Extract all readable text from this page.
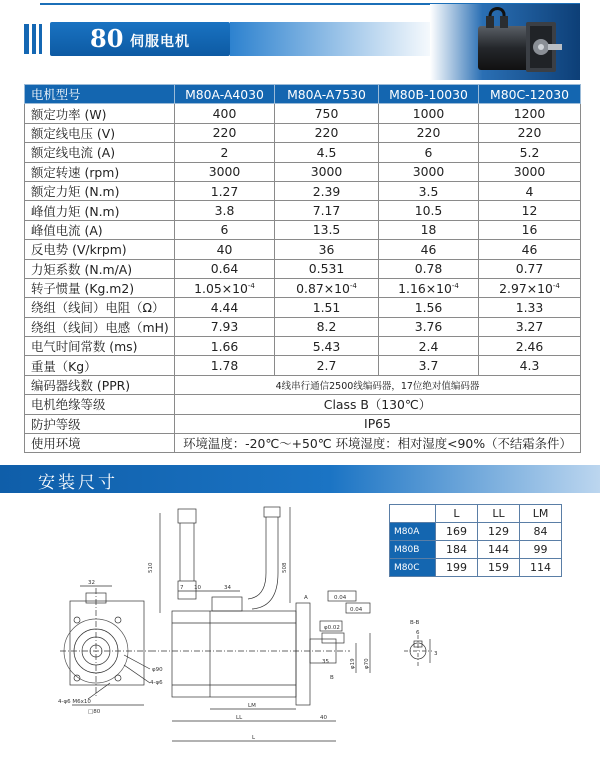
80 伺服电机
电机型号	M80A-A4030	M80A-A7530	M80B-10030	M80C-12030
额定功率 (W)	400	750	1000	1200
额定线电压 (V)	220	220	220	220
额定线电流 (A)	2	4.5	6	5.2
额定转速 (rpm)	3000	3000	3000	3000
额定力矩 (N.m)	1.27	2.39	3.5	4
峰值力矩 (N.m)	3.8	7.17	10.5	12
峰值电流 (A)	6	13.5	18	16
反电势 (V/krpm)	40	36	46	46
力矩系数 (N.m/A)	0.64	0.531	0.78	0.77
转子惯量 (Kg.m2)	$1.05\times 10^{-4}$	$0.87\times 10^{-4}$	$1.16\times 10^{-4}$	$2.97\times 10^{-4}$
绕组（线间）电阻（Ω）	4.44	1.51	1.56	1.33
绕组（线间）电感（mH)	7.93	8.2	3.76	3.27
电气时间常数 (ms)	1.66	5.43	2.4	2.46
重量（Kg）	1.78	2.7	3.7	4.3
编码器线数 (PPR)	4线串行通信2500线编码器，17位绝对值编码器			
电机绝缘等级	Class B（130℃）			
防护等级	IP65			
使用环境	环境温度：-20℃～+50℃ 环境湿度：相对湿度<90%（不结霜条件）			
安装尺寸
32
φ90
4-φ6
4-φ6 M6x10
□80
510	508
7 10	34
LM
LL
L
40
φ0.02
0.04
0.04
φ19 φ70
35
A
B
B-B
6
3
型号	L	LL	LM
M80A	169	129	84
M80B	184	144	99
M80C	199	159	114
